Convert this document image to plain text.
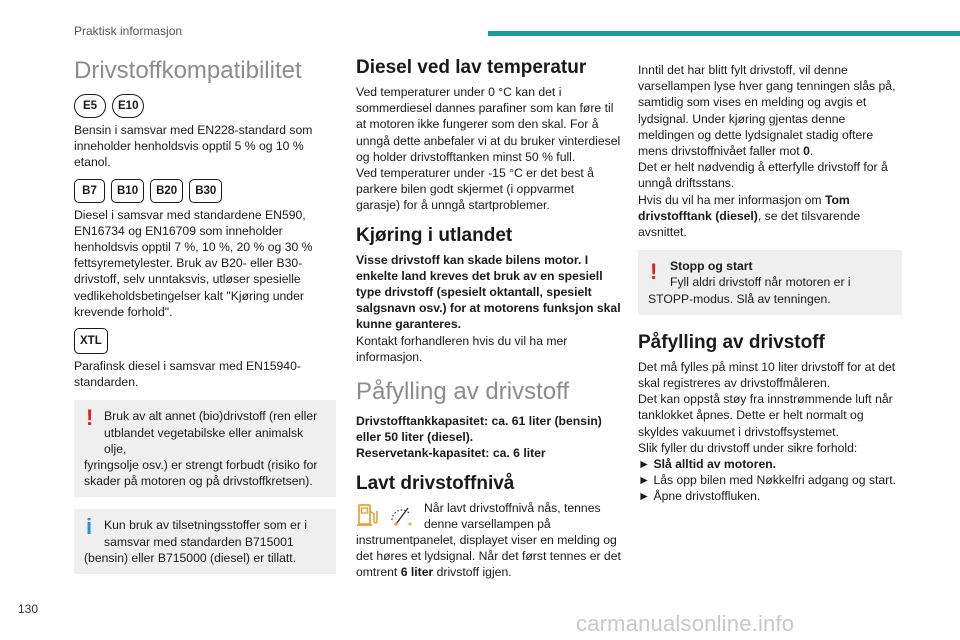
Praktisk informasjon
Drivstoffkompatibilitet
E5	E10

Bensin i samsvar med EN228-standard som inneholder henholdsvis opptil 5 % og 10 % etanol.

B7	B10	B20	B30

Diesel i samsvar med standardene EN590, EN16734 og EN16709 som inneholder henholdsvis opptil 7 %, 10 %, 20 % og 30 % fettsyremetylester. Bruk av B20- eller B30-drivstoff, selv unntaksvis, utløser spesielle vedlikeholdsbetingelser kalt "Kjøring under krevende forhold".

XTL

Parafinsk diesel i samsvar med EN15940-standarden.

! Bruk av alt annet (bio)drivstoff (ren eller utblandet vegetabilske eller animalsk olje,
fyringsolje osv.) er strengt forbudt (risiko for skader på motoren og på drivstoffkretsen).
i Kun bruk av tilsetningsstoffer som er i samsvar med standarden B715001
(bensin) eller B715000 (diesel) er tillatt.
Diesel ved lav temperatur

Ved temperaturer under 0 °C kan det i sommerdiesel dannes parafiner som kan føre til at motoren ikke fungerer som den skal. For å unngå dette anbefaler vi at du bruker vinterdiesel og holder drivstofftanken minst 50 % full.

Ved temperaturer under -15 °C er det best å parkere bilen godt skjermet (i oppvarmet garasje) for å unngå startproblemer.

Kjøring i utlandet

Visse drivstoff kan skade bilens motor. I enkelte land kreves det bruk av en spesiell type drivstoff (spesielt oktantall, spesielt salgsnavn osv.) for at motorens funksjon skal kunne garanteres.

Kontakt forhandleren hvis du vil ha mer informasjon.

Påfylling av drivstoff

Drivstofftankkapasitet: ca. 61 liter (bensin) eller 50 liter (diesel).

Reservetank-kapasitet: ca. 6 liter

Lavt drivstoffnivå

Når lavt drivstoffnivå nås, tennes denne varsellampen på

instrumentpanelet, displayet viser en melding og det høres et lydsignal. Når det først tennes er det omtrent 6 liter drivstoff igjen.

Inntil det har blitt fylt drivstoff, vil denne varsellampen lyse hver gang tenningen slås på, samtidig som vises en melding og avgis et lydsignal. Under kjøring gjentas denne meldingen og dette lydsignalet stadig oftere mens drivstoffnivået faller mot 0.

Det er helt nødvendig å etterfylle drivstoff for å unngå driftsstans.

Hvis du vil ha mer informasjon om Tom drivstofftank (diesel), se det tilsvarende avsnittet.

!	Stopp og start
Fyll aldri drivstoff når motoren er i
STOPP-modus. Slå av tenningen.
Påfylling av drivstoff

Det må fylles på minst 10 liter drivstoff for at det skal registreres av drivstoffmåleren.

Det kan oppstå støy fra innstrømmende luft når tanklokket åpnes. Dette er helt normalt og skyldes vakuumet i drivstoffsystemet.

Slik fyller du drivstoff under sikre forhold:

► Slå alltid av motoren.

► Lås opp bilen med Nøkkelfri adgang og start.

► Åpne drivstoffluken.

130
carmanualsonline.info
